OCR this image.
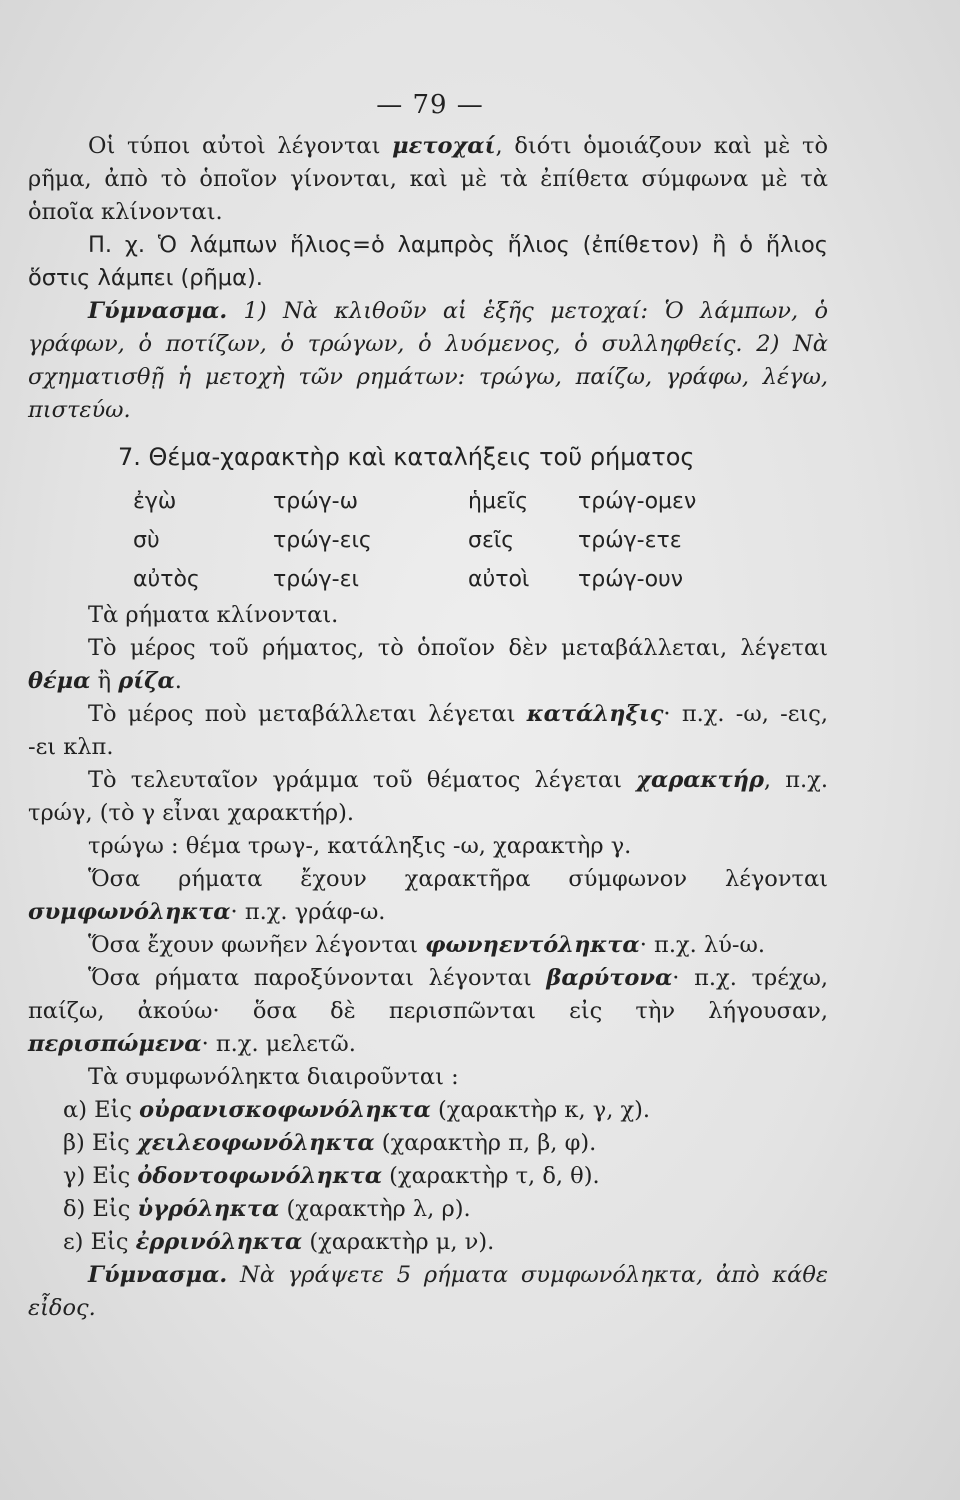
— 79 —

Οἱ τύποι αὐτοὶ λέγονται μετοχαί, διότι ὁμοιάζουν καὶ μὲ τὸ ρῆμα, ἀπὸ τὸ ὁποῖον γίνονται, καὶ μὲ τὰ ἐπίθετα σύμφωνα μὲ τὰ ὁποῖα κλίνονται.

Π. χ. Ὁ λάμπων ἥλιος=ὁ λαμπρὸς ἥλιος (ἐπίθετον) ἢ ὁ ἥλιος ὅστις λάμπει (ρῆμα).

Γύμνασμα. 1) Νὰ κλιθοῦν αἱ ἑξῆς μετοχαί: Ὁ λάμπων, ὁ γράφων, ὁ ποτίζων, ὁ τρώγων, ὁ λυόμενος, ὁ συλληφθείς. 2) Νὰ σχηματισθῇ ἡ μετοχὴ τῶν ρημάτων: τρώγω, παίζω, γράφω, λέγω, πιστεύω.

7. Θέμα-χαρακτὴρ καὶ καταλήξεις τοῦ ρήματος

ἐγὼ	τρώγ-ω	ἡμεῖς	τρώγ-ομεν
σὺ	τρώγ-εις	σεῖς	τρώγ-ετε
αὐτὸς	τρώγ-ει	αὐτοὶ	τρώγ-ουν

Τὰ ρήματα κλίνονται.

Τὸ μέρος τοῦ ρήματος, τὸ ὁποῖον δὲν μεταβάλλεται, λέγεται θέμα ἢ ρίζα.

Τὸ μέρος ποὺ μεταβάλλεται λέγεται κατάληξις· π.χ. -ω, -εις, -ει κλπ.

Τὸ τελευταῖον γράμμα τοῦ θέματος λέγεται χαρακτήρ, π.χ. τρώγ, (τὸ γ εἶναι χαρακτήρ).

τρώγω : θέμα τρωγ-, κατάληξις -ω, χαρακτὴρ γ.

Ὅσα ρήματα ἔχουν χαρακτῆρα σύμφωνον λέγονται συμφωνόληκτα· π.χ. γράφ-ω.

Ὅσα ἔχουν φωνῆεν λέγονται φωνηεντόληκτα· π.χ. λύ-ω.

Ὅσα ρήματα παροξύνονται λέγονται βαρύτονα· π.χ. τρέχω, παίζω, ἀκούω· ὅσα δὲ περισπῶνται εἰς τὴν λήγουσαν, περισπώμενα· π.χ. μελετῶ.

Τὰ συμφωνόληκτα διαιροῦνται :

α) Εἰς οὐρανισκοφωνόληκτα (χαρακτὴρ κ, γ, χ).

β) Εἰς χειλεοφωνόληκτα (χαρακτὴρ π, β, φ).

γ) Εἰς ὀδοντοφωνόληκτα (χαρακτὴρ τ, δ, θ).

δ) Εἰς ὑγρόληκτα (χαρακτὴρ λ, ρ).

ε) Εἰς ἐρρινόληκτα (χαρακτὴρ μ, ν).

Γύμνασμα. Νὰ γράψετε 5 ρήματα συμφωνόληκτα, ἀπὸ κάθε εἶδος.
